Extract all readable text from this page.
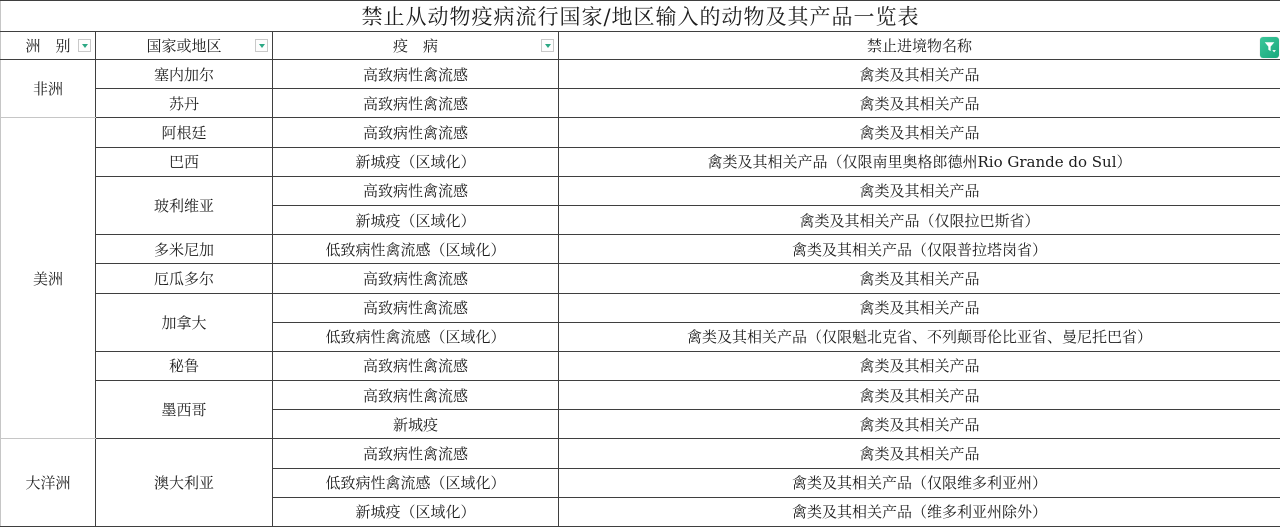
禁止从动物疫病流行国家/地区输入的动物及其产品一览表			
洲　别	国家或地区	疫　病	禁止进境物名称

非洲	塞内加尔	高致病性禽流感	禽类及其相关产品
	苏丹	高致病性禽流感	禽类及其相关产品
美洲	阿根廷	高致病性禽流感	禽类及其相关产品
	巴西	新城疫（区域化）	禽类及其相关产品（仅限南里奥格郎德州Rio Grande do Sul）
	玻利维亚	高致病性禽流感	禽类及其相关产品
		新城疫（区域化）	禽类及其相关产品（仅限拉巴斯省）
	多米尼加	低致病性禽流感（区域化）	禽类及其相关产品（仅限普拉塔岗省）
	厄瓜多尔	高致病性禽流感	禽类及其相关产品
	加拿大	高致病性禽流感	禽类及其相关产品
		低致病性禽流感（区域化）	禽类及其相关产品（仅限魁北克省、不列颠哥伦比亚省、曼尼托巴省）
	秘鲁	高致病性禽流感	禽类及其相关产品
	墨西哥	高致病性禽流感	禽类及其相关产品
		新城疫	禽类及其相关产品
大洋洲	澳大利亚	高致病性禽流感	禽类及其相关产品
		低致病性禽流感（区域化）	禽类及其相关产品（仅限维多利亚州）
		新城疫（区域化）	禽类及其相关产品（维多利亚州除外）
